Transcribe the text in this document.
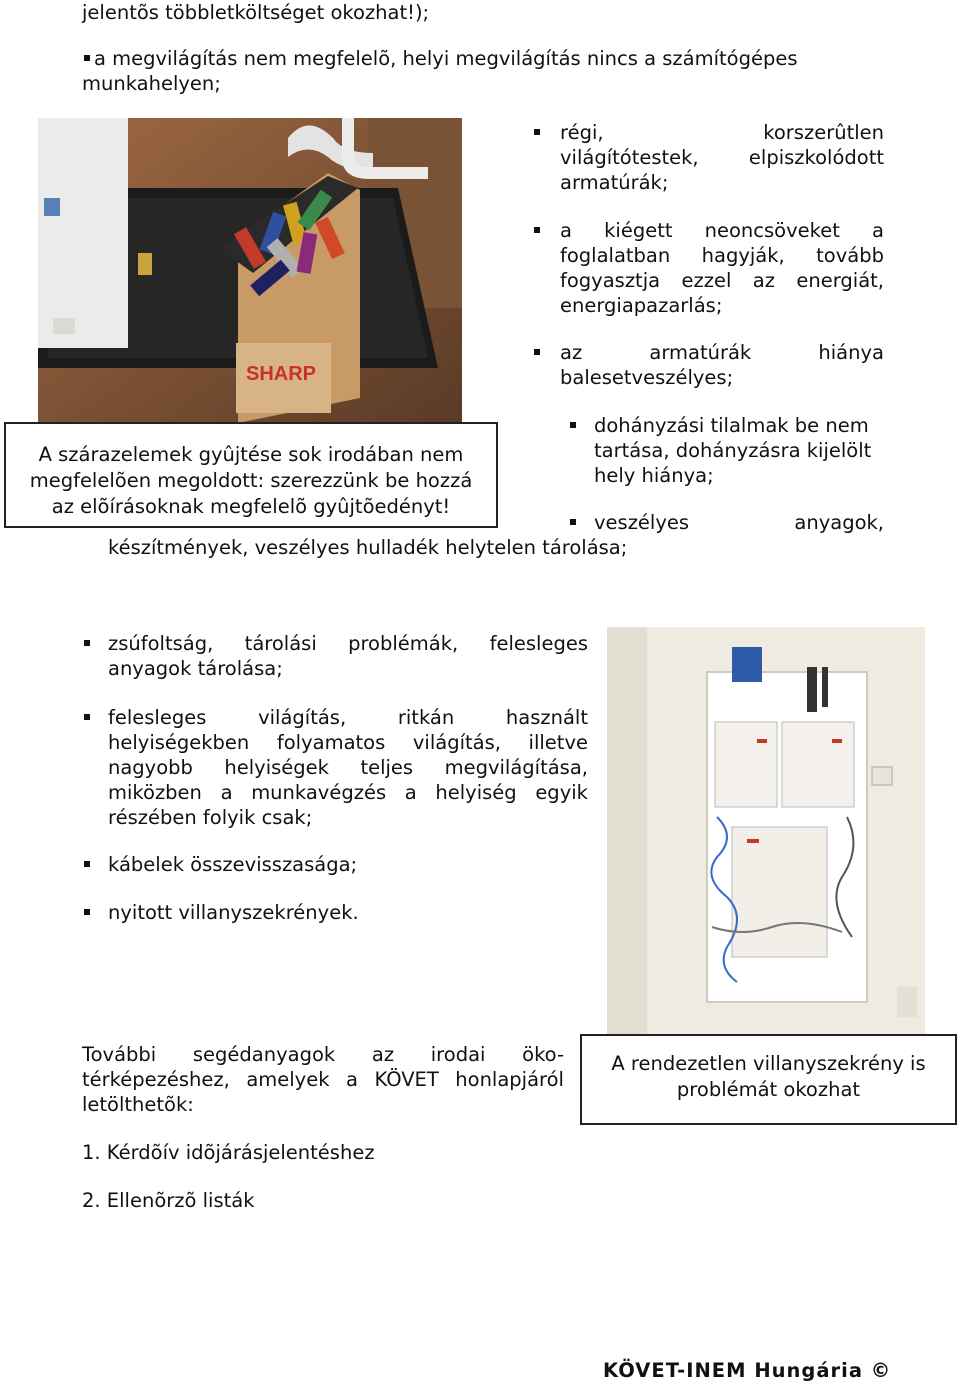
jelentõs többletköltséget okozhat!);
a megvilágítás nem megfelelõ, helyi megvilágítás nincs a számítógépes
munkahelyen;
SHARP
A szárazelemek gyûjtése sok irodában nem
megfelelõen megoldott: szerezzünk be hozzá
az elõírásoknak megfelelõ gyûjtõedényt!
régi,	korszerûtlen
világítótestek,	elpiszkolódott
armatúrák;
a kiégett neoncsöveket a
foglalatban hagyják, tovább
fogyasztja ezzel az energiát,
energiapazarlás;
az	armatúrák	hiánya
balesetveszélyes;
dohányzási tilalmak be nem
tartása, dohányzásra kijelölt
hely hiánya;
veszélyes	anyagok,
készítmények, veszélyes hulladék helytelen tárolása;
zsúfoltság, tárolási problémák, felesleges
anyagok tárolása;
felesleges	világítás,	ritkán	használt
helyiségekben folyamatos világítás, illetve
nagyobb helyiségek teljes megvilágítása,
miközben a munkavégzés a helyiség egyik
részében folyik csak;
kábelek összevisszasága;
nyitott villanyszekrények.
A rendezetlen villanyszekrény is
problémát okozhat
További segédanyagok az irodai öko-
térképezéshez, amelyek a KÖVET honlapjáról
letölthetõk:
1. Kérdõív idõjárásjelentéshez
2. Ellenõrzõ listák
KÖVET-INEM Hungária ©
